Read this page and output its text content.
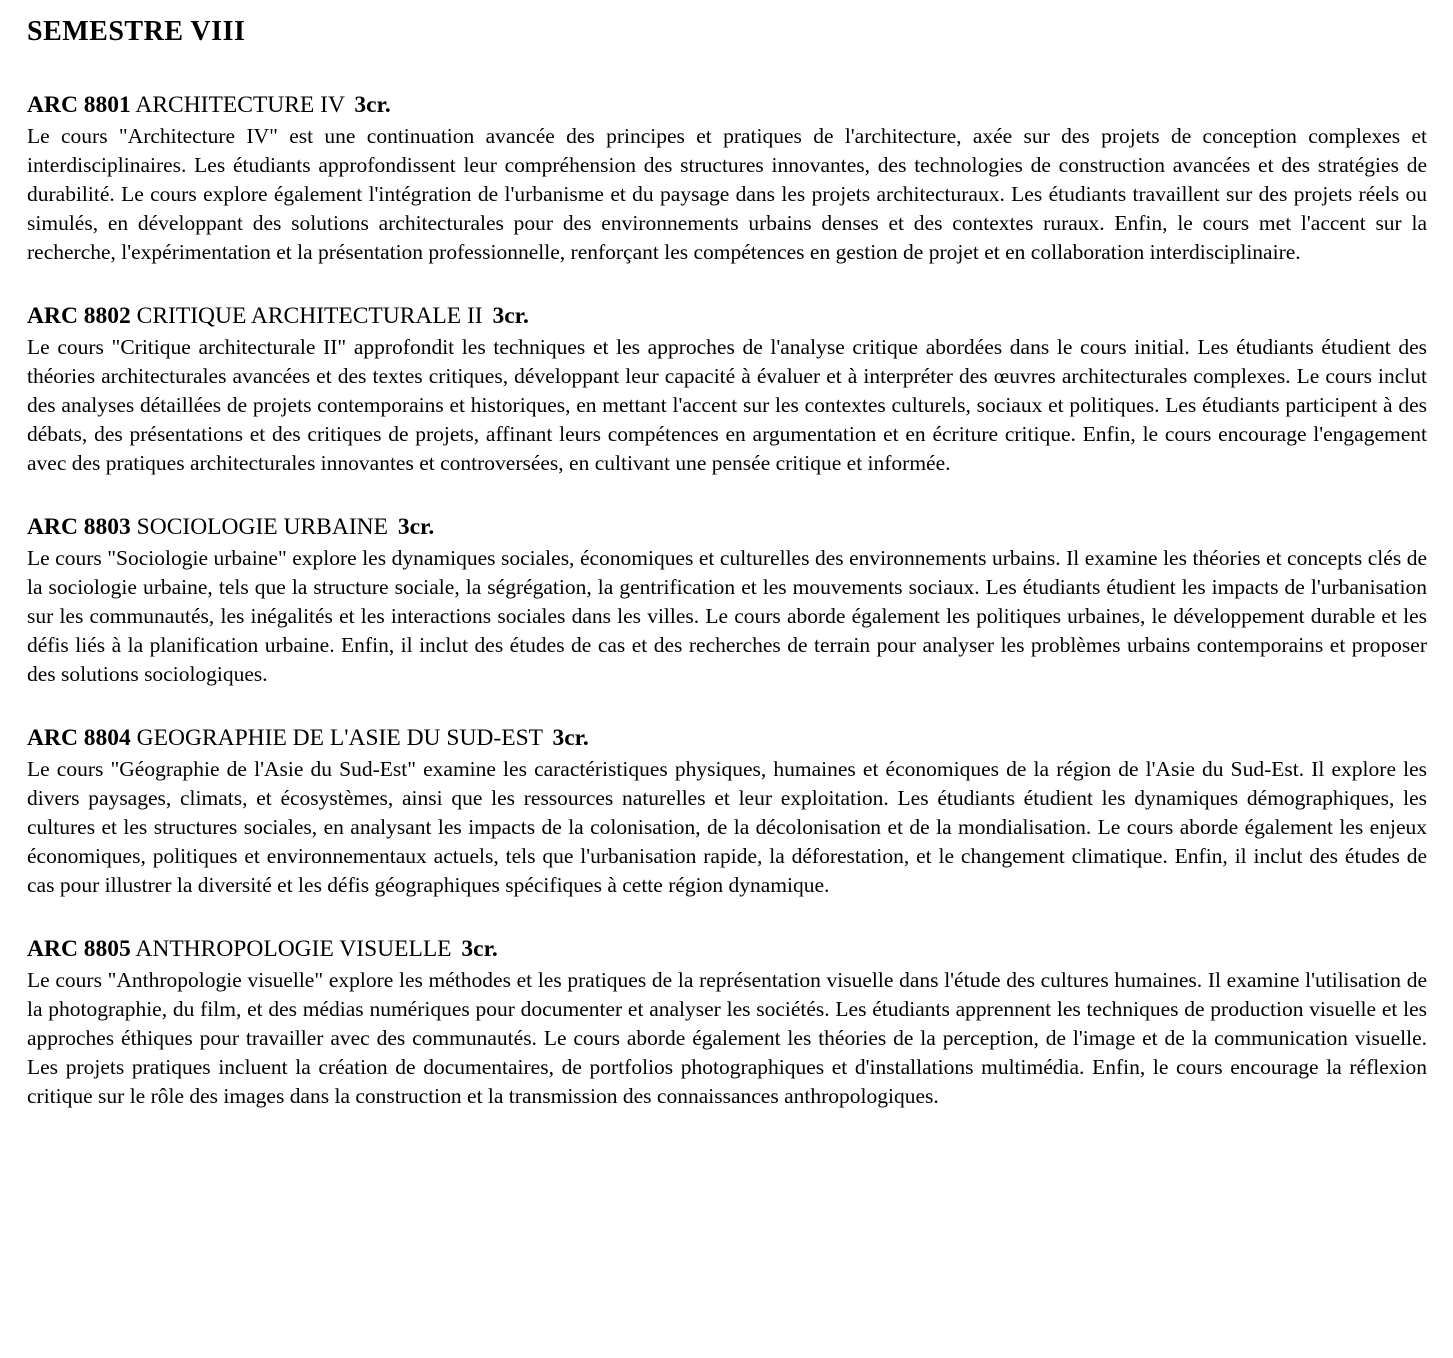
SEMESTRE VIII

ARC 8801 ARCHITECTURE IV 3cr.

Le cours "Architecture IV" est une continuation avancée des principes et pratiques de l'architecture, axée sur des projets de conception complexes et interdisciplinaires. Les étudiants approfondissent leur compréhension des structures innovantes, des technologies de construction avancées et des stratégies de durabilité. Le cours explore également l'intégration de l'urbanisme et du paysage dans les projets architecturaux. Les étudiants travaillent sur des projets réels ou simulés, en développant des solutions architecturales pour des environnements urbains denses et des contextes ruraux. Enfin, le cours met l'accent sur la recherche, l'expérimentation et la présentation professionnelle, renforçant les compétences en gestion de projet et en collaboration interdisciplinaire.

ARC 8802 CRITIQUE ARCHITECTURALE II 3cr.

Le cours "Critique architecturale II" approfondit les techniques et les approches de l'analyse critique abordées dans le cours initial. Les étudiants étudient des théories architecturales avancées et des textes critiques, développant leur capacité à évaluer et à interpréter des œuvres architecturales complexes. Le cours inclut des analyses détaillées de projets contemporains et historiques, en mettant l'accent sur les contextes culturels, sociaux et politiques. Les étudiants participent à des débats, des présentations et des critiques de projets, affinant leurs compétences en argumentation et en écriture critique. Enfin, le cours encourage l'engagement avec des pratiques architecturales innovantes et controversées, en cultivant une pensée critique et informée.

ARC 8803 SOCIOLOGIE URBAINE 3cr.

Le cours "Sociologie urbaine" explore les dynamiques sociales, économiques et culturelles des environnements urbains. Il examine les théories et concepts clés de la sociologie urbaine, tels que la structure sociale, la ségrégation, la gentrification et les mouvements sociaux. Les étudiants étudient les impacts de l'urbanisation sur les communautés, les inégalités et les interactions sociales dans les villes. Le cours aborde également les politiques urbaines, le développement durable et les défis liés à la planification urbaine. Enfin, il inclut des études de cas et des recherches de terrain pour analyser les problèmes urbains contemporains et proposer des solutions sociologiques.

ARC 8804 GEOGRAPHIE DE L'ASIE DU SUD-EST 3cr.

Le cours "Géographie de l'Asie du Sud-Est" examine les caractéristiques physiques, humaines et économiques de la région de l'Asie du Sud-Est. Il explore les divers paysages, climats, et écosystèmes, ainsi que les ressources naturelles et leur exploitation. Les étudiants étudient les dynamiques démographiques, les cultures et les structures sociales, en analysant les impacts de la colonisation, de la décolonisation et de la mondialisation. Le cours aborde également les enjeux économiques, politiques et environnementaux actuels, tels que l'urbanisation rapide, la déforestation, et le changement climatique. Enfin, il inclut des études de cas pour illustrer la diversité et les défis géographiques spécifiques à cette région dynamique.

ARC 8805 ANTHROPOLOGIE VISUELLE 3cr.

Le cours "Anthropologie visuelle" explore les méthodes et les pratiques de la représentation visuelle dans l'étude des cultures humaines. Il examine l'utilisation de la photographie, du film, et des médias numériques pour documenter et analyser les sociétés. Les étudiants apprennent les techniques de production visuelle et les approches éthiques pour travailler avec des communautés. Le cours aborde également les théories de la perception, de l'image et de la communication visuelle. Les projets pratiques incluent la création de documentaires, de portfolios photographiques et d'installations multimédia. Enfin, le cours encourage la réflexion critique sur le rôle des images dans la construction et la transmission des connaissances anthropologiques.
